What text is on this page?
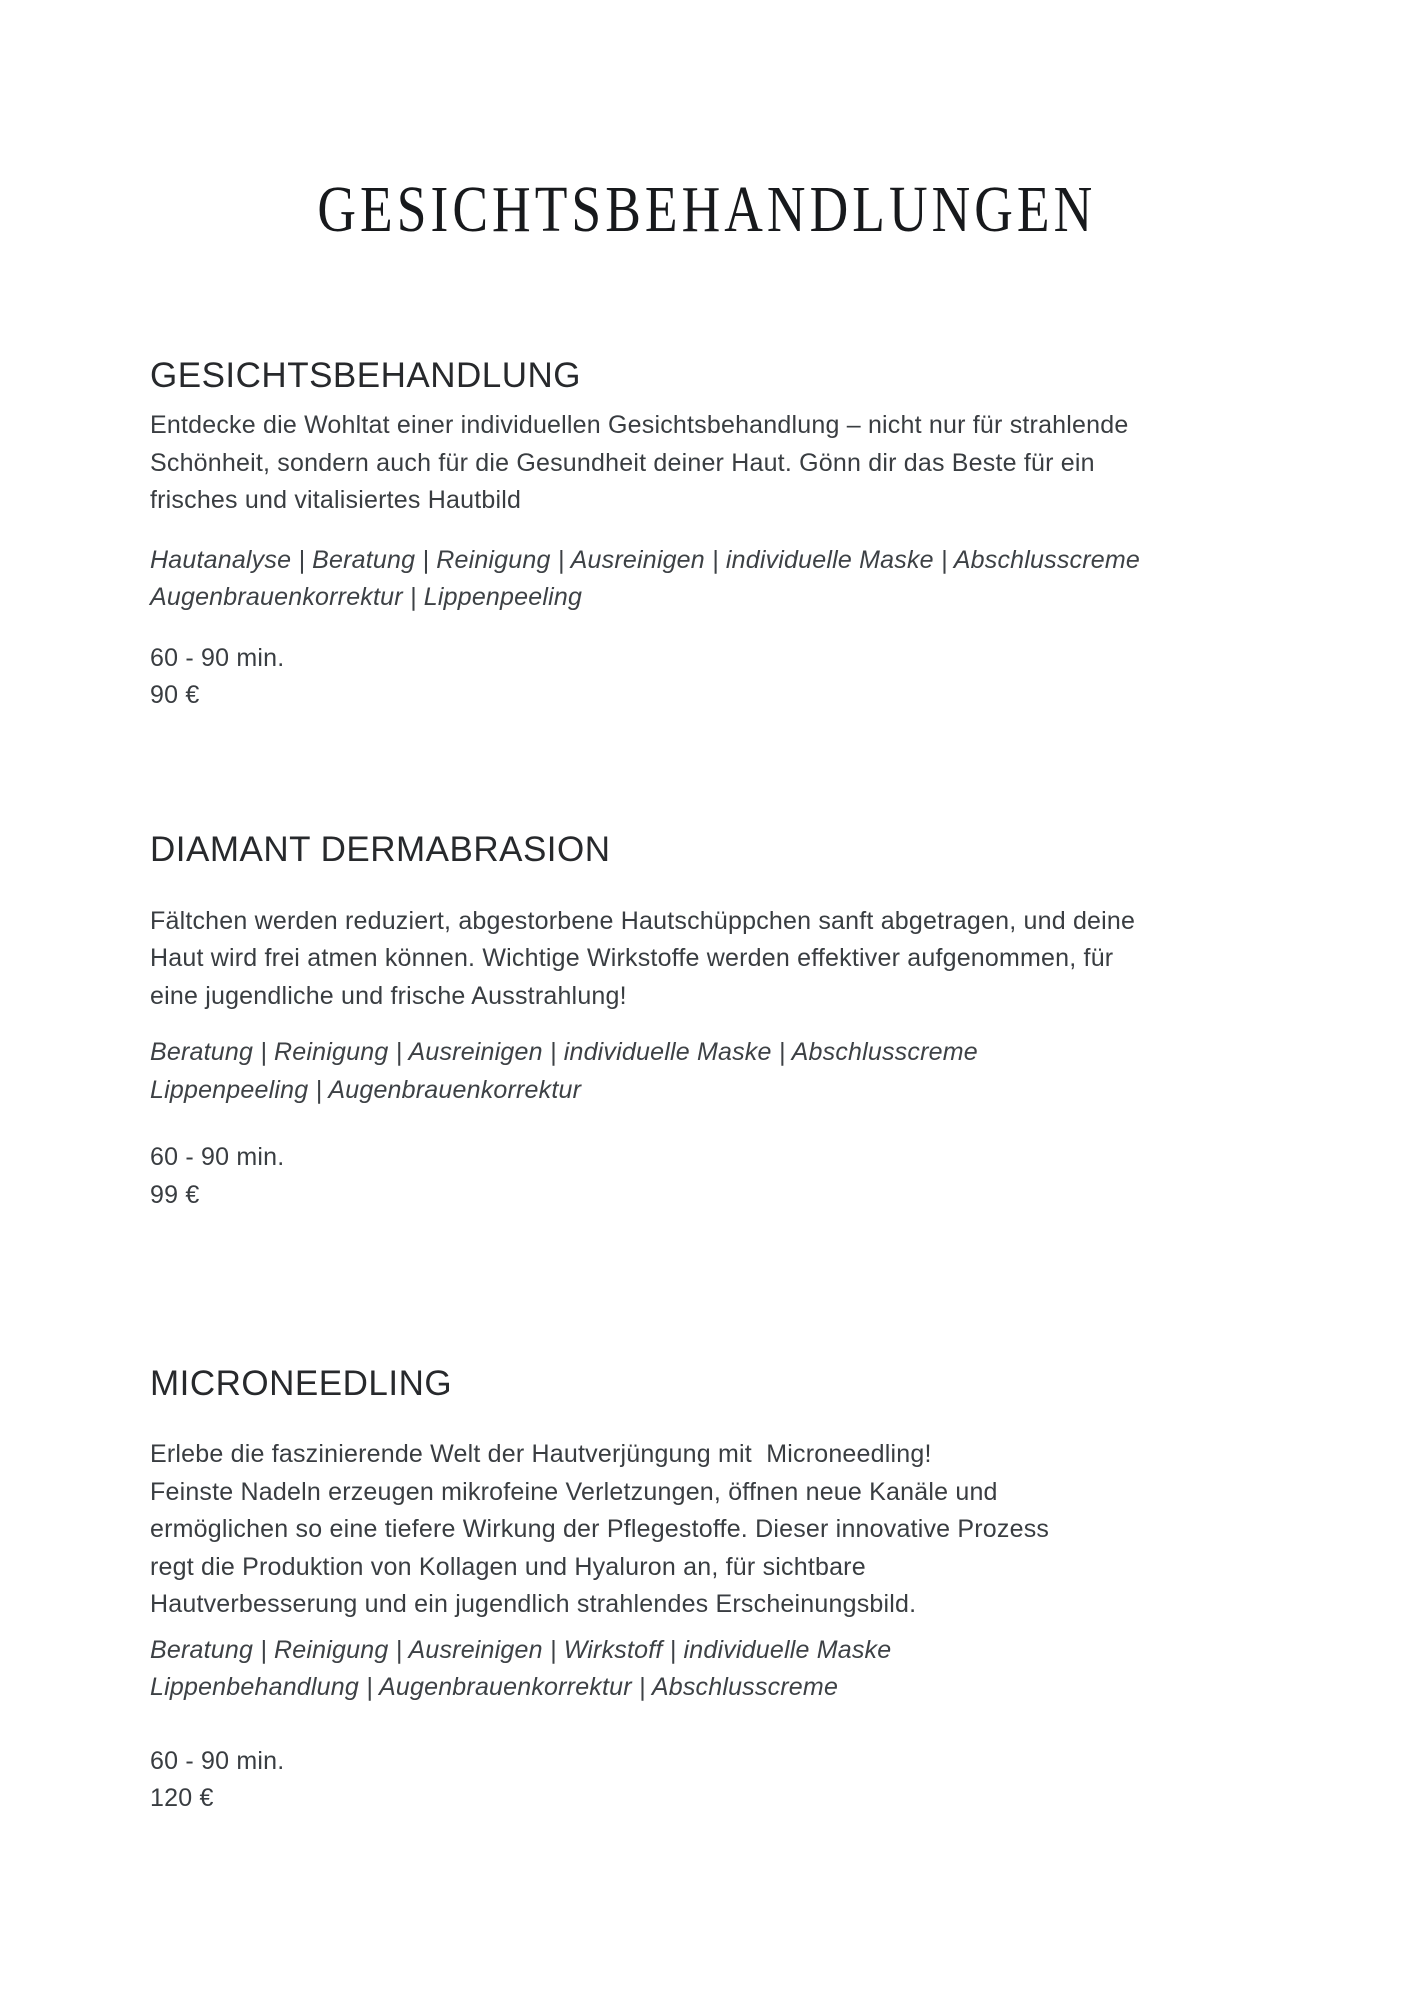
GESICHTSBEHANDLUNGEN
GESICHTSBEHANDLUNG

Entdecke die Wohltat einer individuellen Gesichtsbehandlung – nicht nur für strahlende
Schönheit, sondern auch für die Gesundheit deiner Haut. Gönn dir das Beste für ein
frisches und vitalisiertes Hautbild

Hautanalyse | Beratung | Reinigung | Ausreinigen | individuelle Maske | Abschlusscreme
Augenbrauenkorrektur | Lippenpeeling

60 - 90 min.
90 €

DIAMANT DERMABRASION

Fältchen werden reduziert, abgestorbene Hautschüppchen sanft abgetragen, und deine
Haut wird frei atmen können. Wichtige Wirkstoffe werden effektiver aufgenommen, für
eine jugendliche und frische Ausstrahlung!

Beratung | Reinigung | Ausreinigen | individuelle Maske | Abschlusscreme
Lippenpeeling | Augenbrauenkorrektur

60 - 90 min.
99 €

MICRONEEDLING

Erlebe die faszinierende Welt der Hautverjüngung mit  Microneedling!
Feinste Nadeln erzeugen mikrofeine Verletzungen, öffnen neue Kanäle und
ermöglichen so eine tiefere Wirkung der Pflegestoffe. Dieser innovative Prozess
regt die Produktion von Kollagen und Hyaluron an, für sichtbare
Hautverbesserung und ein jugendlich strahlendes Erscheinungsbild.

Beratung | Reinigung | Ausreinigen | Wirkstoff | individuelle Maske
Lippenbehandlung | Augenbrauenkorrektur | Abschlusscreme

60 - 90 min.
120 €
